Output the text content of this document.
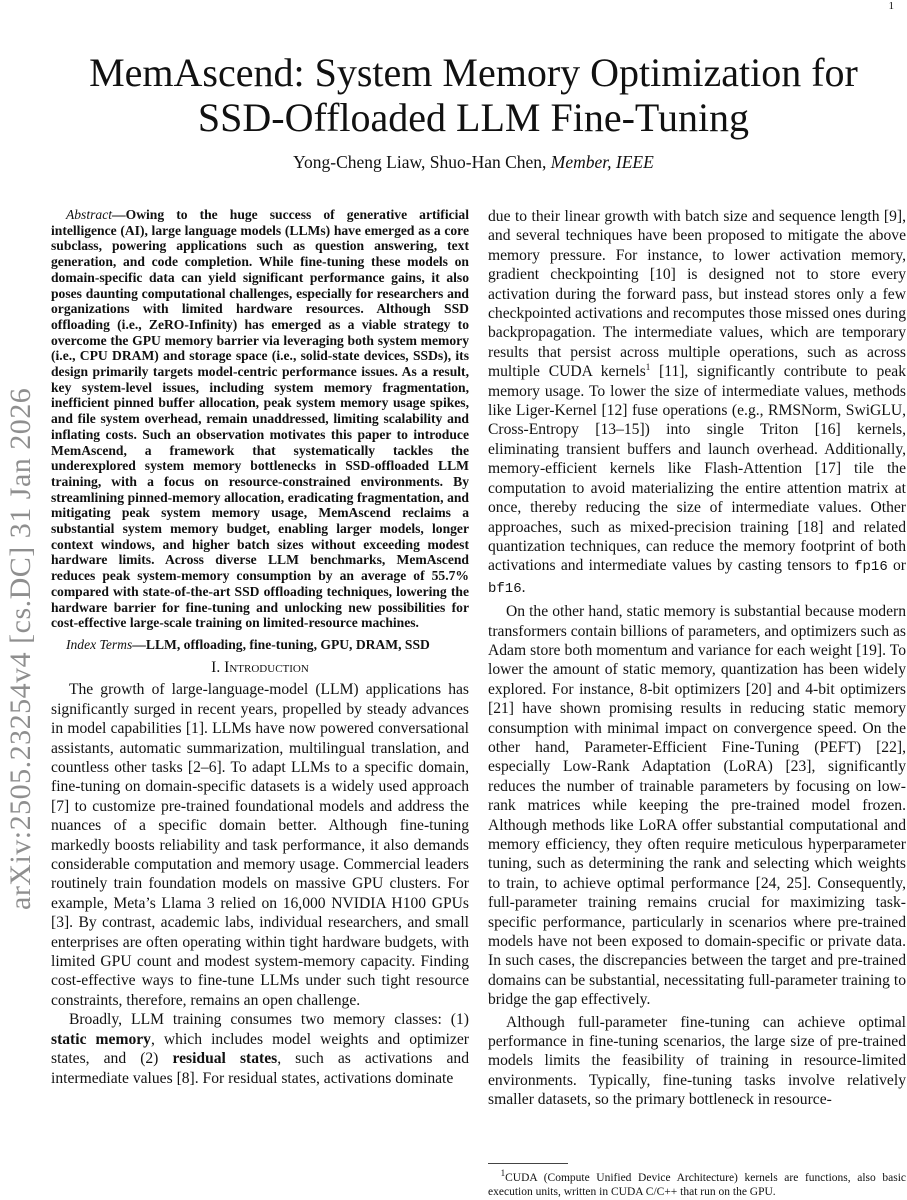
1
arXiv:2505.23254v4 [cs.DC] 31 Jan 2026
MemAscend: System Memory Optimization for
SSD-Offloaded LLM Fine-Tuning
Yong-Cheng Liaw, Shuo-Han Chen, Member, IEEE

Abstract—Owing to the huge success of generative artificial intelligence (AI), large language models (LLMs) have emerged as a core subclass, powering applications such as question answering, text generation, and code completion. While fine-tuning these models on domain-specific data can yield significant performance gains, it also poses daunting computational challenges, especially for researchers and organizations with limited hardware resources. Although SSD offloading (i.e., ZeRO-Infinity) has emerged as a viable strategy to overcome the GPU memory barrier via leveraging both system memory (i.e., CPU DRAM) and storage space (i.e., solid-state devices, SSDs), its design primarily targets model-centric performance issues. As a result, key system-level issues, including system memory fragmentation, inefficient pinned buffer allocation, peak system memory usage spikes, and file system overhead, remain unaddressed, limiting scalability and inflating costs. Such an observation motivates this paper to introduce MemAscend, a framework that systematically tackles the underexplored system memory bottlenecks in SSD-offloaded LLM training, with a focus on resource-constrained environments. By streamlining pinned-memory allocation, eradicating fragmentation, and mitigating peak system memory usage, MemAscend reclaims a substantial system memory budget, enabling larger models, longer context windows, and higher batch sizes without exceeding modest hardware limits. Across diverse LLM benchmarks, MemAscend reduces peak system-memory consumption by an average of 55.7% compared with state-of-the-art SSD offloading techniques, lowering the hardware barrier for fine-tuning and unlocking new possibilities for cost-effective large-scale training on limited-resource machines.

Index Terms—LLM, offloading, fine-tuning, GPU, DRAM, SSD

I. Introduction

The growth of large-language-model (LLM) applications has significantly surged in recent years, propelled by steady advances in model capabilities [1]. LLMs have now powered conversational assistants, automatic summarization, multilingual translation, and countless other tasks [2–6]. To adapt LLMs to a specific domain, fine-tuning on domain-specific datasets is a widely used approach [7] to customize pre-trained foundational models and address the nuances of a specific domain better. Although fine-tuning markedly boosts reliability and task performance, it also demands considerable computation and memory usage. Commercial leaders routinely train foundation models on massive GPU clusters. For example, Meta’s Llama 3 relied on 16,000 NVIDIA H100 GPUs [3]. By contrast, academic labs, individual researchers, and small enterprises are often operating within tight hardware budgets, with limited GPU count and modest system-memory capacity. Finding cost-effective ways to fine-tune LLMs under such tight resource constraints, therefore, remains an open challenge.

Broadly, LLM training consumes two memory classes: (1) static memory, which includes model weights and optimizer states, and (2) residual states, such as activations and intermediate values [8]. For residual states, activations dominate

due to their linear growth with batch size and sequence length [9], and several techniques have been proposed to mitigate the above memory pressure. For instance, to lower activation memory, gradient checkpointing [10] is designed not to store every activation during the forward pass, but instead stores only a few checkpointed activations and recomputes those missed ones during backpropagation. The intermediate values, which are temporary results that persist across multiple operations, such as across multiple CUDA kernels$^1$ [11], significantly contribute to peak memory usage. To lower the size of intermediate values, methods like Liger-Kernel [12] fuse operations (e.g., RMSNorm, SwiGLU, Cross-Entropy [13–15]) into single Triton [16] kernels, eliminating transient buffers and launch overhead. Additionally, memory-efficient kernels like Flash-Attention [17] tile the computation to avoid materializing the entire attention matrix at once, thereby reducing the size of intermediate values. Other approaches, such as mixed-precision training [18] and related quantization techniques, can reduce the memory footprint of both activations and intermediate values by casting tensors to fp16 or bf16.

On the other hand, static memory is substantial because modern transformers contain billions of parameters, and optimizers such as Adam store both momentum and variance for each weight [19]. To lower the amount of static memory, quantization has been widely explored. For instance, 8-bit optimizers [20] and 4-bit optimizers [21] have shown promising results in reducing static memory consumption with minimal impact on convergence speed. On the other hand, Parameter-Efficient Fine-Tuning (PEFT) [22], especially Low-Rank Adaptation (LoRA) [23], significantly reduces the number of trainable parameters by focusing on low-rank matrices while keeping the pre-trained model frozen. Although methods like LoRA offer substantial computational and memory efficiency, they often require meticulous hyperparameter tuning, such as determining the rank and selecting which weights to train, to achieve optimal performance [24, 25]. Consequently, full-parameter training remains crucial for maximizing task-specific performance, particularly in scenarios where pre-trained models have not been exposed to domain-specific or private data. In such cases, the discrepancies between the target and pre-trained domains can be substantial, necessitating full-parameter training to bridge the gap effectively.

Although full-parameter fine-tuning can achieve optimal performance in fine-tuning scenarios, the large size of pre-trained models limits the feasibility of training in resource-limited environments. Typically, fine-tuning tasks involve relatively smaller datasets, so the primary bottleneck in resource-

$^1$CUDA (Compute Unified Device Architecture) kernels are functions, also basic execution units, written in CUDA C/C++ that run on the GPU.
